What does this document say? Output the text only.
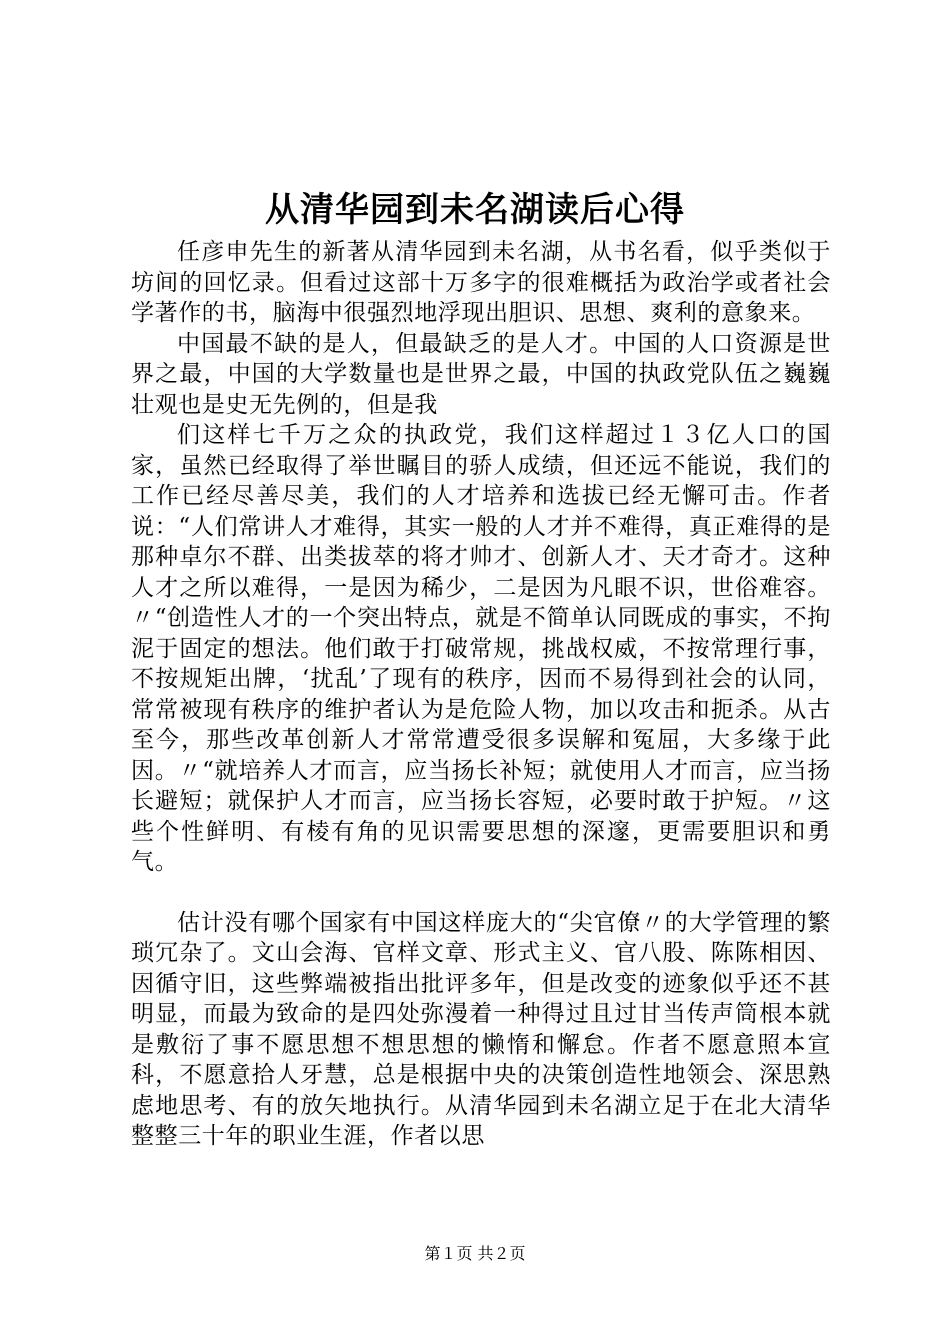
从清华园到未名湖读后心得

任彦申先生的新著从清华园到未名湖，从书名看，似乎类似于坊间的回忆录。但看过这部十万多字的很难概括为政治学或者社会学著作的书，脑海中很强烈地浮现出胆识、思想、爽利的意象来。

中国最不缺的是人，但最缺乏的是人才。中国的人口资源是世界之最，中国的大学数量也是世界之最，中国的执政党队伍之巍巍壮观也是史无先例的，但是我

们这样七千万之众的执政党，我们这样超过１３亿人口的国家，虽然已经取得了举世瞩目的骄人成绩，但还远不能说，我们的工作已经尽善尽美，我们的人才培养和选拔已经无懈可击。作者说：“人们常讲人才难得，其实一般的人才并不难得，真正难得的是那种卓尔不群、出类拔萃的将才帅才、创新人才、天才奇才。这种人才之所以难得，一是因为稀少，二是因为凡眼不识，世俗难容。〃“创造性人才的一个突出特点，就是不简单认同既成的事实，不拘泥于固定的想法。他们敢于打破常规，挑战权威，不按常理行事，不按规矩出牌，‘扰乱’了现有的秩序，因而不易得到社会的认同，常常被现有秩序的维护者认为是危险人物，加以攻击和扼杀。从古至今，那些改革创新人才常常遭受很多误解和冤屈，大多缘于此因。〃“就培养人才而言，应当扬长补短；就使用人才而言，应当扬长避短；就保护人才而言，应当扬长容短，必要时敢于护短。〃这些个性鲜明、有棱有角的见识需要思想的深邃，更需要胆识和勇气。

估计没有哪个国家有中国这样庞大的“尖官僚〃的大学管理的繁琐冗杂了。文山会海、官样文章、形式主义、官八股、陈陈相因、因循守旧，这些弊端被指出批评多年，但是改变的迹象似乎还不甚明显，而最为致命的是四处弥漫着一种得过且过甘当传声筒根本就是敷衍了事不愿思想不想思想的懒惰和懈怠。作者不愿意照本宣科，不愿意拾人牙慧，总是根据中央的决策创造性地领会、深思熟虑地思考、有的放矢地执行。从清华园到未名湖立足于在北大清华整整三十年的职业生涯，作者以思

第１页 共２页
